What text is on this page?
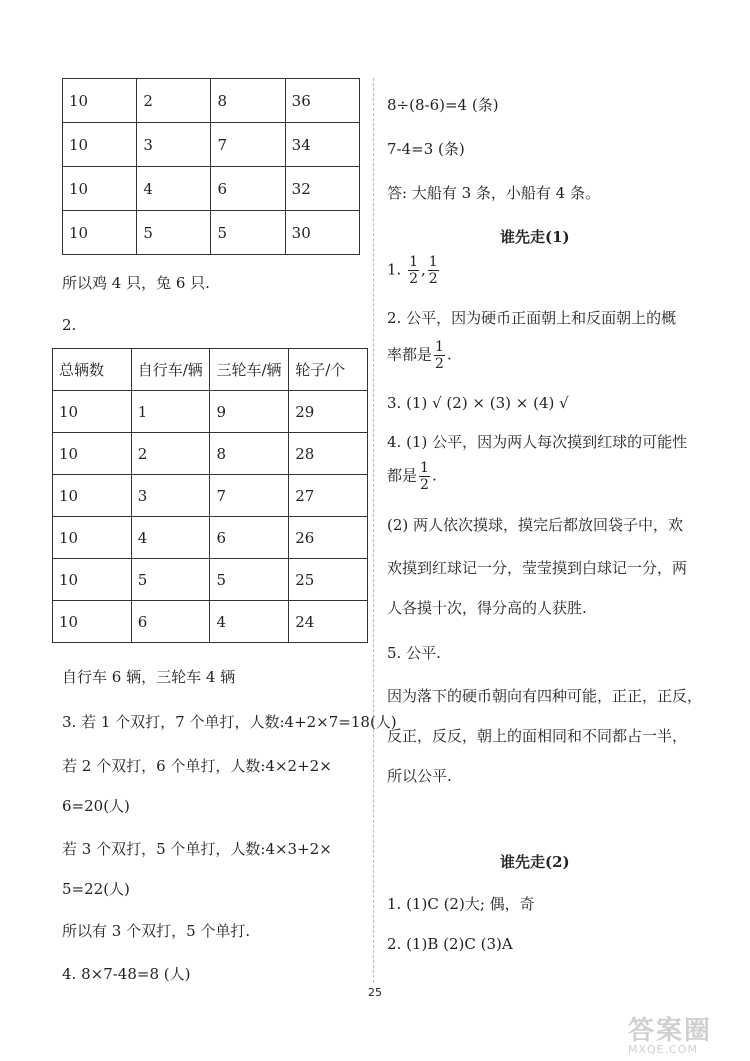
10	2	8	36
10	3	7	34
10	4	6	32
10	5	5	30
所以鸡 4 只，兔 6 只.
2.
总辆数	自行车/辆	三轮车/辆	轮子/个
10	1	9	29
10	2	8	28
10	3	7	27
10	4	6	26
10	5	5	25
10	6	4	24
自行车 6 辆，三轮车 4 辆
3. 若 1 个双打，7 个单打，人数:4+2×7=18(人)
若 2 个双打，6 个单打，人数:4×2+2×
6=20(人)
若 3 个双打，5 个单打，人数:4×3+2×
5=22(人)
所以有 3 个双打，5 个单打.
4. 8×7-48=8 (人)
8÷(8-6)=4 (条)
7-4=3 (条)
答: 大船有 3 条，小船有 4 条。
谁先走(1)
1. $\frac{1}{2}$ , $\frac{1}{2}$
2. 公平，因为硬币正面朝上和反面朝上的概
率都是 $\frac{1}{2}$ .
3. (1) √ (2) × (3) × (4) √
4. (1) 公平，因为两人每次摸到红球的可能性
都是 $\frac{1}{2}$ .
(2) 两人依次摸球，摸完后都放回袋子中，欢
欢摸到红球记一分，莹莹摸到白球记一分，两
人各摸十次，得分高的人获胜.
5. 公平.
因为落下的硬币朝向有四种可能，正正，正反，
反正，反反，朝上的面相同和不同都占一半，
所以公平.
谁先走(2)
1. (1)C (2)大; 偶，奇
2. (1)B (2)C (3)A
25
答案圈
MXQE.COM
